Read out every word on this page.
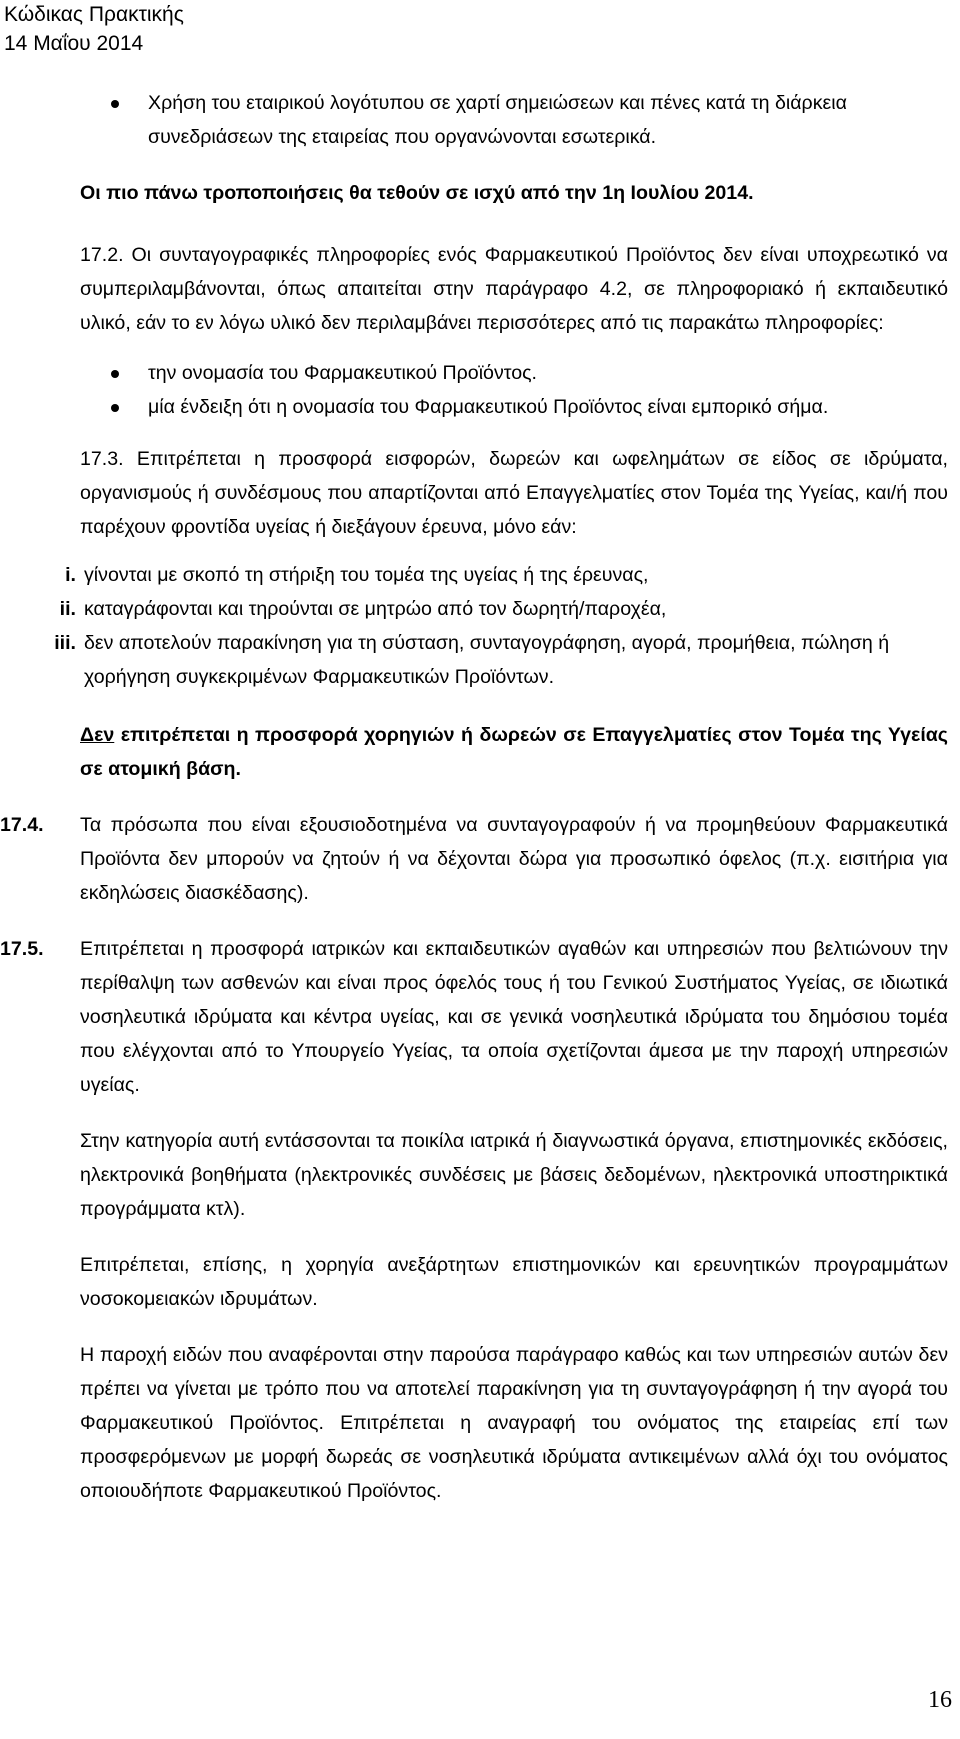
Κώδικας Πρακτικής
14 Μαΐου 2014
Χρήση του εταιρικού λογότυπου σε χαρτί σημειώσεων και πένες κατά τη διάρκεια συνεδριάσεων της εταιρείας που οργανώνονται εσωτερικά.

Οι πιο πάνω τροποποιήσεις θα τεθούν σε ισχύ από την 1η Ιουλίου 2014.

17.2. Οι συνταγογραφικές πληροφορίες ενός Φαρμακευτικού Προϊόντος δεν είναι υποχρεωτικό να συμπεριλαμβάνονται, όπως απαιτείται στην παράγραφο 4.2, σε πληροφοριακό ή εκπαιδευτικό υλικό, εάν το εν λόγω υλικό δεν περιλαμβάνει περισσότερες από τις παρακάτω πληροφορίες:

την ονομασία του Φαρμακευτικού Προϊόντος.
μία ένδειξη ότι η ονομασία του Φαρμακευτικού Προϊόντος είναι εμπορικό σήμα.

17.3. Επιτρέπεται η προσφορά εισφορών, δωρεών και ωφελημάτων σε είδος σε ιδρύματα, οργανισμούς ή συνδέσμους που απαρτίζονται από Επαγγελματίες στον Τομέα της Υγείας, και/ή που παρέχουν φροντίδα υγείας ή διεξάγουν έρευνα, μόνο εάν:

i. γίνονται με σκοπό τη στήριξη του τομέα της υγείας ή της έρευνας,
ii. καταγράφονται και τηρούνται σε μητρώο από τον δωρητή/παροχέα,
iii. δεν αποτελούν παρακίνηση για τη σύσταση, συνταγογράφηση, αγορά, προμήθεια, πώληση ή χορήγηση συγκεκριμένων Φαρμακευτικών Προϊόντων.

Δεν επιτρέπεται η προσφορά χορηγιών ή δωρεών σε Επαγγελματίες στον Τομέα της Υγείας σε ατομική βάση.

17.4. Τα πρόσωπα που είναι εξουσιοδοτημένα να συνταγογραφούν ή να προμηθεύουν Φαρμακευτικά Προϊόντα δεν μπορούν να ζητούν ή να δέχονται δώρα για προσωπικό όφελος (π.χ. εισιτήρια για εκδηλώσεις διασκέδασης).

17.5. Επιτρέπεται η προσφορά ιατρικών και εκπαιδευτικών αγαθών και υπηρεσιών που βελτιώνουν την περίθαλψη των ασθενών και είναι προς όφελός τους ή του Γενικού Συστήματος Υγείας, σε ιδιωτικά νοσηλευτικά ιδρύματα και κέντρα υγείας, και σε γενικά νοσηλευτικά ιδρύματα του δημόσιου τομέα που ελέγχονται από το Υπουργείο Υγείας, τα οποία σχετίζονται άμεσα με την παροχή υπηρεσιών υγείας.

Στην κατηγορία αυτή εντάσσονται τα ποικίλα ιατρικά ή διαγνωστικά όργανα, επιστημονικές εκδόσεις, ηλεκτρονικά βοηθήματα (ηλεκτρονικές συνδέσεις με βάσεις δεδομένων, ηλεκτρονικά υποστηρικτικά προγράμματα κτλ).

Επιτρέπεται, επίσης, η χορηγία ανεξάρτητων επιστημονικών και ερευνητικών προγραμμάτων νοσοκομειακών ιδρυμάτων.

Η παροχή ειδών που αναφέρονται στην παρούσα παράγραφο καθώς και των υπηρεσιών αυτών δεν πρέπει να γίνεται με τρόπο που να αποτελεί παρακίνηση για τη συνταγογράφηση ή την αγορά του Φαρμακευτικού Προϊόντος. Επιτρέπεται η αναγραφή του ονόματος της εταιρείας επί των προσφερόμενων με μορφή δωρεάς σε νοσηλευτικά ιδρύματα αντικειμένων αλλά όχι του ονόματος οποιουδήποτε Φαρμακευτικού Προϊόντος.

16
